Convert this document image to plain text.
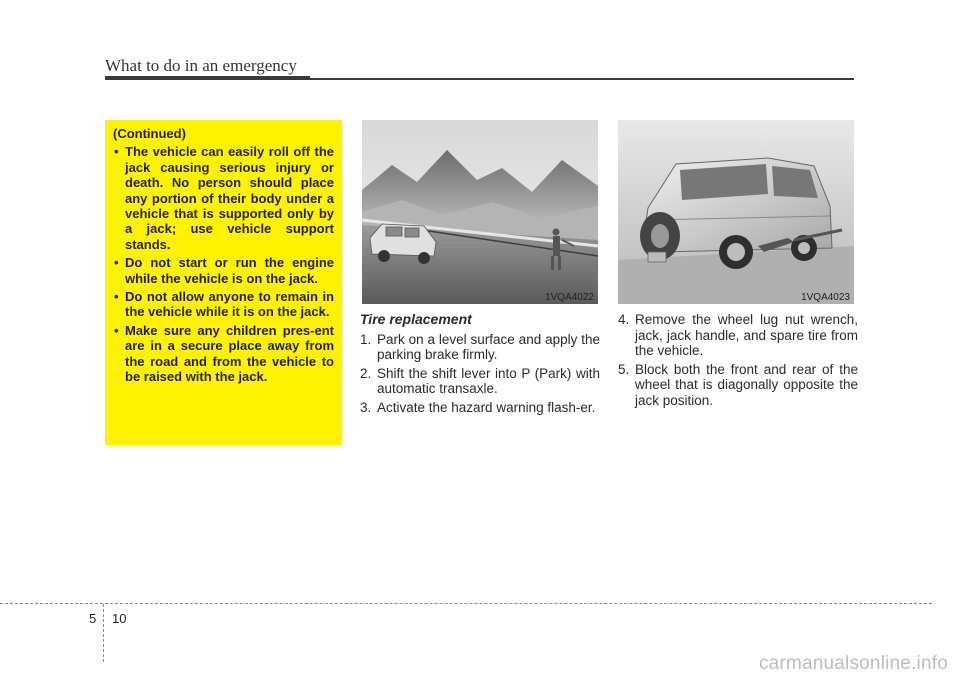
What to do in an emergency
(Continued)
• The vehicle can easily roll off the jack causing serious injury or death. No person should place any portion of their body under a vehicle that is supported only by a jack; use vehicle support stands.
• Do not start or run the engine while the vehicle is on the jack.
• Do not allow anyone to remain in the vehicle while it is on the jack.
• Make sure any children pres-ent are in a secure place away from the road and from the vehicle to be raised with the jack.
1VQA4022	1VQA4023
Tire replacement
1. Park on a level surface and apply the parking brake firmly.
2. Shift the shift lever into P (Park) with automatic transaxle.
3. Activate the hazard warning flash-er.
4. Remove the wheel lug nut wrench, jack, jack handle, and spare tire from the vehicle.
5. Block both the front and rear of the wheel that is diagonally opposite the jack position.
5 10
carmanualsonline.info
